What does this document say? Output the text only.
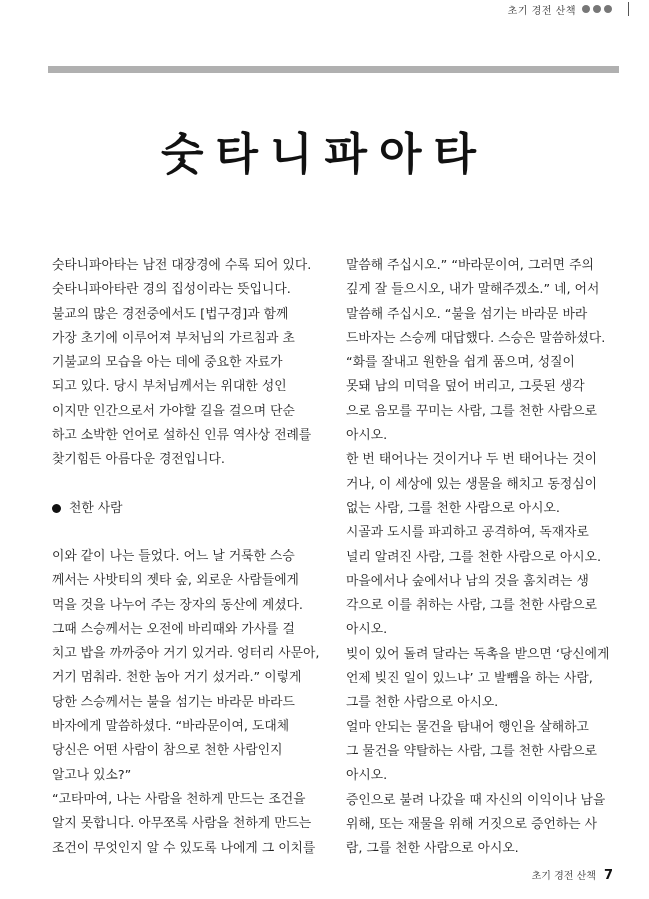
초기 경전 산책
숫타니파아타
숫타니파아타는 남전 대장경에 수록 되어 있다.
숫타니파아타란 경의 집성이라는 뜻입니다.
불교의 많은 경전중에서도 [법구경]과 함께
가장 초기에 이루어져 부처님의 가르침과 초
기불교의 모습을 아는 데에 중요한 자료가
되고 있다. 당시 부처님께서는 위대한 성인
이지만 인간으로서 가야할 길을 걸으며 단순
하고 소박한 언어로 설하신 인류 역사상 전례를
찾기힘든 아름다운 경전입니다.
천한 사람
이와 같이 나는 들었다. 어느 날 거룩한 스승
께서는 사밧티의 젯타 숲, 외로운 사람들에게
먹을 것을 나누어 주는 장자의 동산에 계셨다.
그때 스승께서는 오전에 바리때와 가사를 걸
치고 밥을 까까중아 거기 있거라. 엉터리 사문아,
거기 멈춰라. 천한 놈아 거기 섰거라.” 이렇게
당한 스승께서는 불을 섬기는 바라문 바라드
바자에게 말씀하셨다. “바라문이여, 도대체
당신은 어떤 사람이 참으로 천한 사람인지
알고나 있소?”
“고타마여, 나는 사람을 천하게 만드는 조건을
알지 못합니다. 아무쪼록 사람을 천하게 만드는
조건이 무엇인지 알 수 있도록 나에게 그 이치를
말씀해 주십시오.” “바라문이여, 그러면 주의
깊게 잘 들으시오, 내가 말해주겠소.” 네, 어서
말씀해 주십시오. “불을 섬기는 바라문 바라
드바자는 스승께 대답했다. 스승은 말씀하셨다.
“화를 잘내고 원한을 쉽게 품으며, 성질이
못돼 남의 미덕을 덮어 버리고, 그릇된 생각
으로 음모를 꾸미는 사람, 그를 천한 사람으로
아시오.
한 번 태어나는 것이거나 두 번 태어나는 것이
거나, 이 세상에 있는 생물을 해치고 동정심이
없는 사람, 그를 천한 사람으로 아시오.
시골과 도시를 파괴하고 공격하여, 독재자로
널리 알려진 사람, 그를 천한 사람으로 아시오.
마을에서나 숲에서나 남의 것을 훔치려는 생
각으로 이를 취하는 사람, 그를 천한 사람으로
아시오.
빚이 있어 돌려 달라는 독촉을 받으면 ‘당신에게
언제 빚진 일이 있느냐’ 고 발뺌을 하는 사람,
그를 천한 사람으로 아시오.
얼마 안되는 물건을 탐내어 행인을 살해하고
그 물건을 약탈하는 사람, 그를 천한 사람으로
아시오.
증인으로 불려 나갔을 때 자신의 이익이나 남을
위해, 또는 재물을 위해 거짓으로 증언하는 사
람, 그를 천한 사람으로 아시오.
초기 경전 산책 7
